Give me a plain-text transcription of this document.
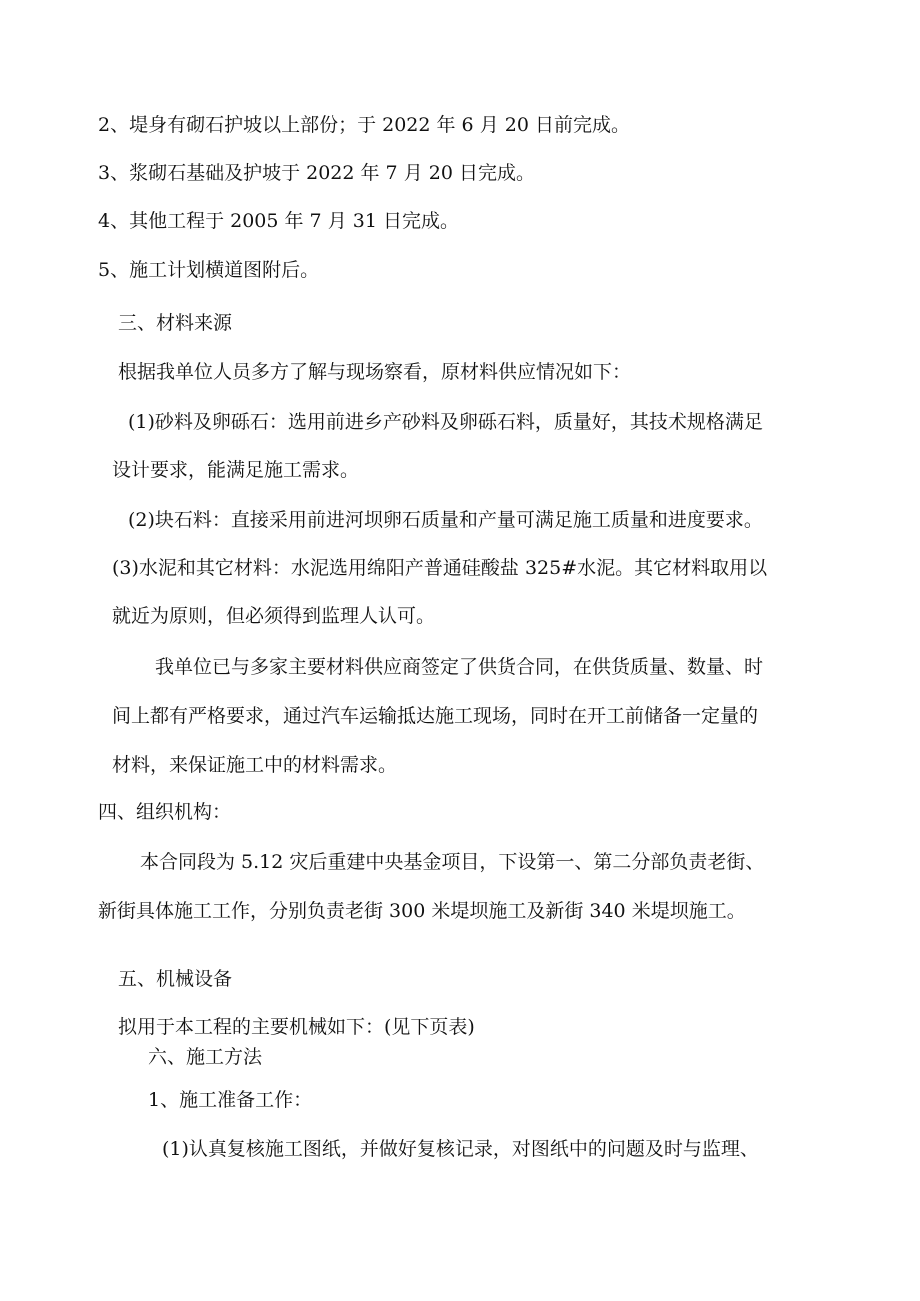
2、堤身有砌石护坡以上部份；于 2022 年 6 月 20 日前完成。

3、浆砌石基础及护坡于 2022 年 7 月 20 日完成。

4、其他工程于 2005 年 7 月 31 日完成。

5、施工计划横道图附后。

三、材料来源

根据我单位人员多方了解与现场察看，原材料供应情况如下：

(1)砂料及卵砾石：选用前进乡产砂料及卵砾石料，质量好，其技术规格满足

设计要求，能满足施工需求。

(2)块石料：直接采用前进河坝卵石质量和产量可满足施工质量和进度要求。

(3)水泥和其它材料：水泥选用绵阳产普通硅酸盐 325#水泥。其它材料取用以

就近为原则，但必须得到监理人认可。

我单位已与多家主要材料供应商签定了供货合同，在供货质量、数量、时

间上都有严格要求，通过汽车运输抵达施工现场，同时在开工前储备一定量的

材料，来保证施工中的材料需求。

四、组织机构：

本合同段为 5.12 灾后重建中央基金项目，下设第一、第二分部负责老街、

新街具体施工工作，分别负责老街 300 米堤坝施工及新街 340 米堤坝施工。

五、机械设备

拟用于本工程的主要机械如下：(见下页表)

六、施工方法

1、施工准备工作：

(1)认真复核施工图纸，并做好复核记录，对图纸中的问题及时与监理、
